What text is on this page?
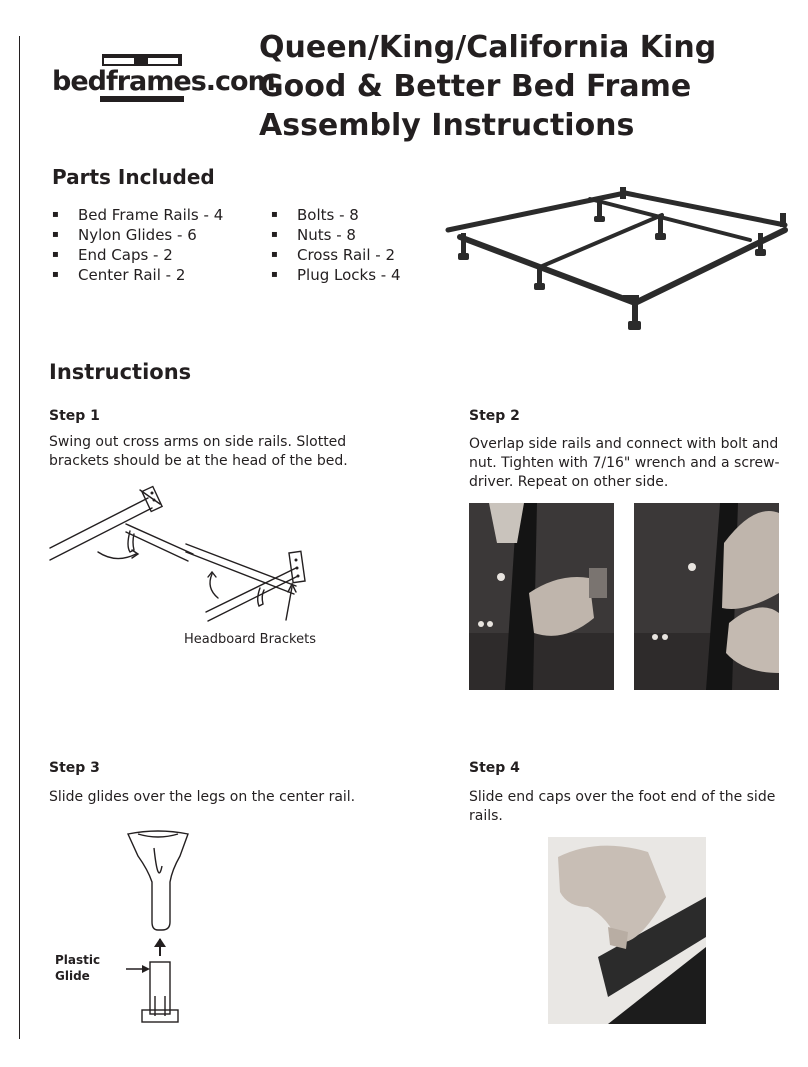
bedframes.com
Queen/King/California King
Good & Better Bed Frame
Assembly Instructions
Parts Included
▪ Bed Frame Rails - 4
▪ Nylon Glides - 6
▪ End Caps - 2
▪ Center Rail - 2
▪ Bolts - 8
▪ Nuts - 8
▪ Cross Rail - 2
▪ Plug Locks - 4
Instructions
Step 1
Swing out cross arms on side rails. Slotted brackets should be at the head of the bed.
Headboard Brackets
Step 2
Overlap side rails and connect with bolt and nut. Tighten with 7/16" wrench and a screw-driver. Repeat on other side.
Step 3
Slide glides over the legs on the center rail.
Plastic
Glide
Step 4
Slide end caps over the foot end of the side rails.
